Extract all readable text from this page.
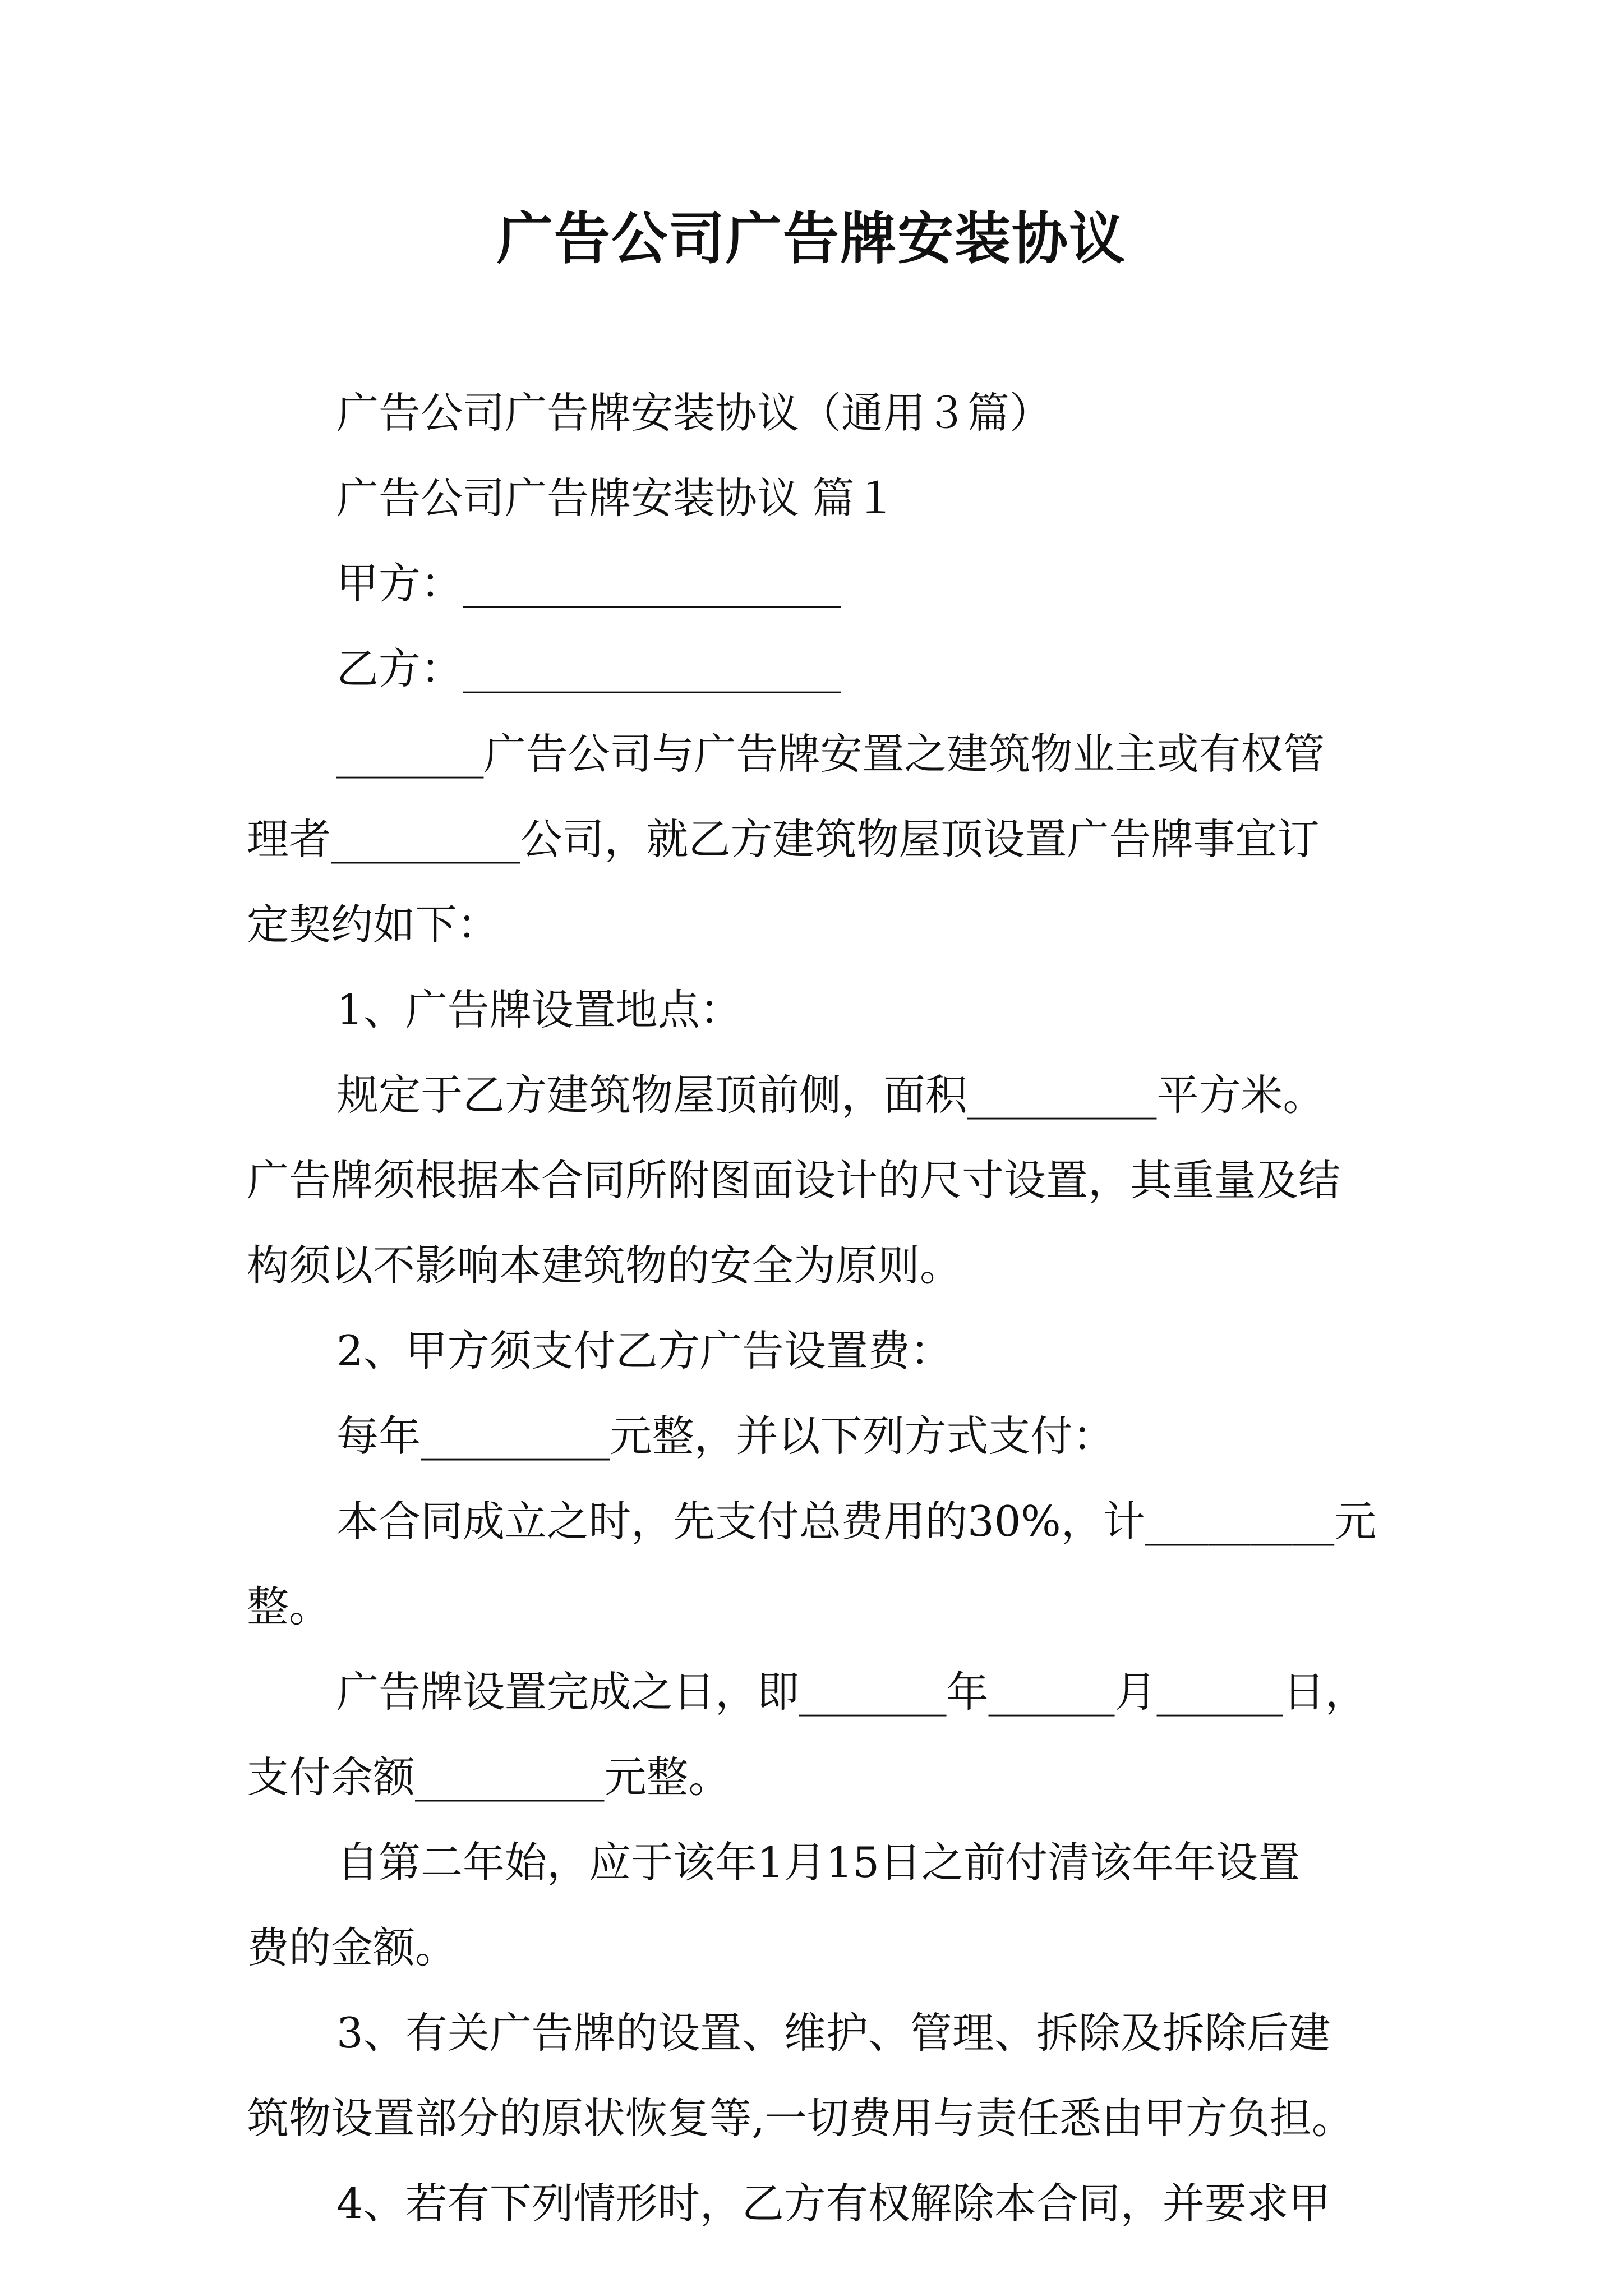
广告公司广告牌安装协议

广告公司广告牌安装协议（通用３篇）

广告公司广告牌安装协议 篇１

甲方：__________________

乙方：__________________

_______广告公司与广告牌安置之建筑物业主或有权管

理者_________公司，就乙方建筑物屋顶设置广告牌事宜订

定契约如下：

1、广告牌设置地点：

规定于乙方建筑物屋顶前侧，面积_________平方米。

广告牌须根据本合同所附图面设计的尺寸设置，其重量及结

构须以不影响本建筑物的安全为原则。

2、甲方须支付乙方广告设置费：

每年_________元整，并以下列方式支付：

本合同成立之时，先支付总费用的30%，计_________元

整。

广告牌设置完成之日，即_______年______月______日，

支付余额_________元整。

自第二年始，应于该年1月15日之前付清该年年设置

费的金额。

3、有关广告牌的设置、维护、管理、拆除及拆除后建

筑物设置部分的原状恢复等,一切费用与责任悉由甲方负担。

4、若有下列情形时，乙方有权解除本合同，并要求甲
